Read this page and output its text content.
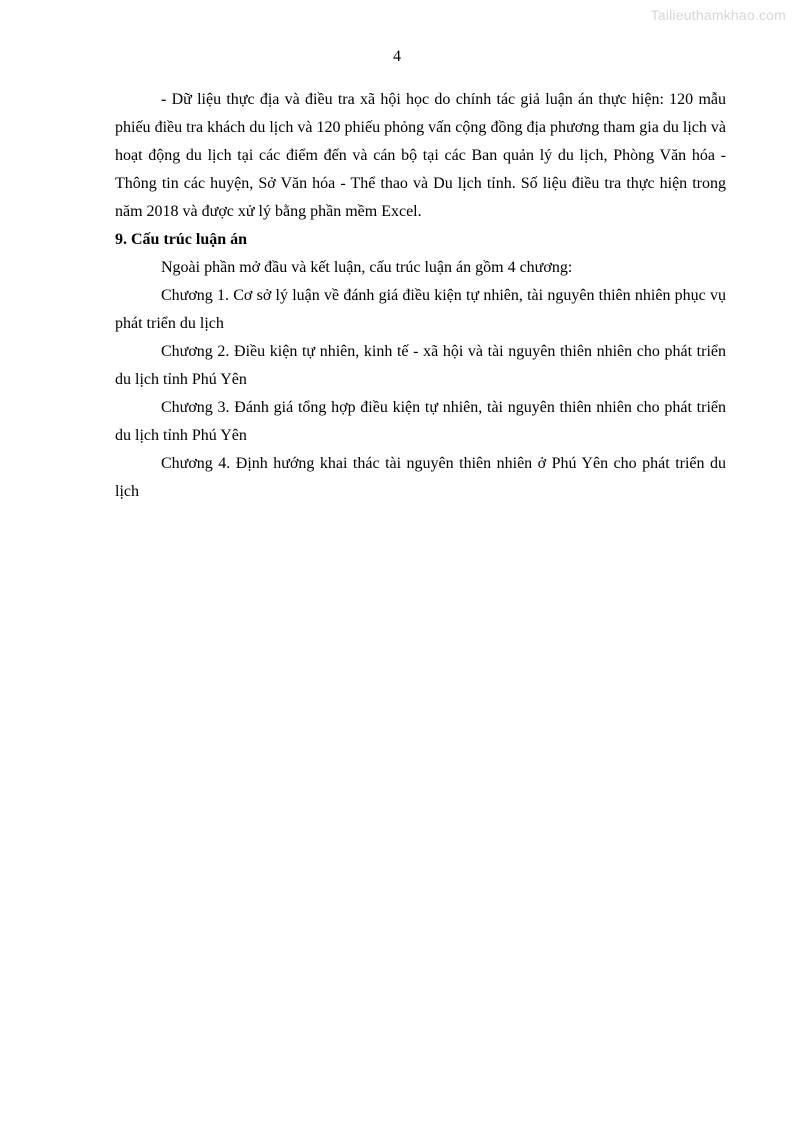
Tailieuthamkhao.com
4

- Dữ liệu thực địa và điều tra xã hội học do chính tác giả luận án thực hiện: 120 mẫu phiếu điều tra khách du lịch và 120 phiếu phỏng vấn cộng đồng địa phương tham gia du lịch và hoạt động du lịch tại các điểm đến và cán bộ tại các Ban quản lý du lịch, Phòng Văn hóa - Thông tin các huyện, Sở Văn hóa - Thể thao và Du lịch tỉnh. Số liệu điều tra thực hiện trong năm 2018 và được xử lý bằng phần mềm Excel.

9. Cấu trúc luận án

Ngoài phần mở đầu và kết luận, cấu trúc luận án gồm 4 chương:

Chương 1. Cơ sở lý luận về đánh giá điều kiện tự nhiên, tài nguyên thiên nhiên phục vụ phát triển du lịch

Chương 2. Điều kiện tự nhiên, kinh tế - xã hội và tài nguyên thiên nhiên cho phát triển du lịch tỉnh Phú Yên

Chương 3. Đánh giá tổng hợp điều kiện tự nhiên, tài nguyên thiên nhiên cho phát triển du lịch tỉnh Phú Yên

Chương 4. Định hướng khai thác tài nguyên thiên nhiên ở Phú Yên cho phát triển du lịch
